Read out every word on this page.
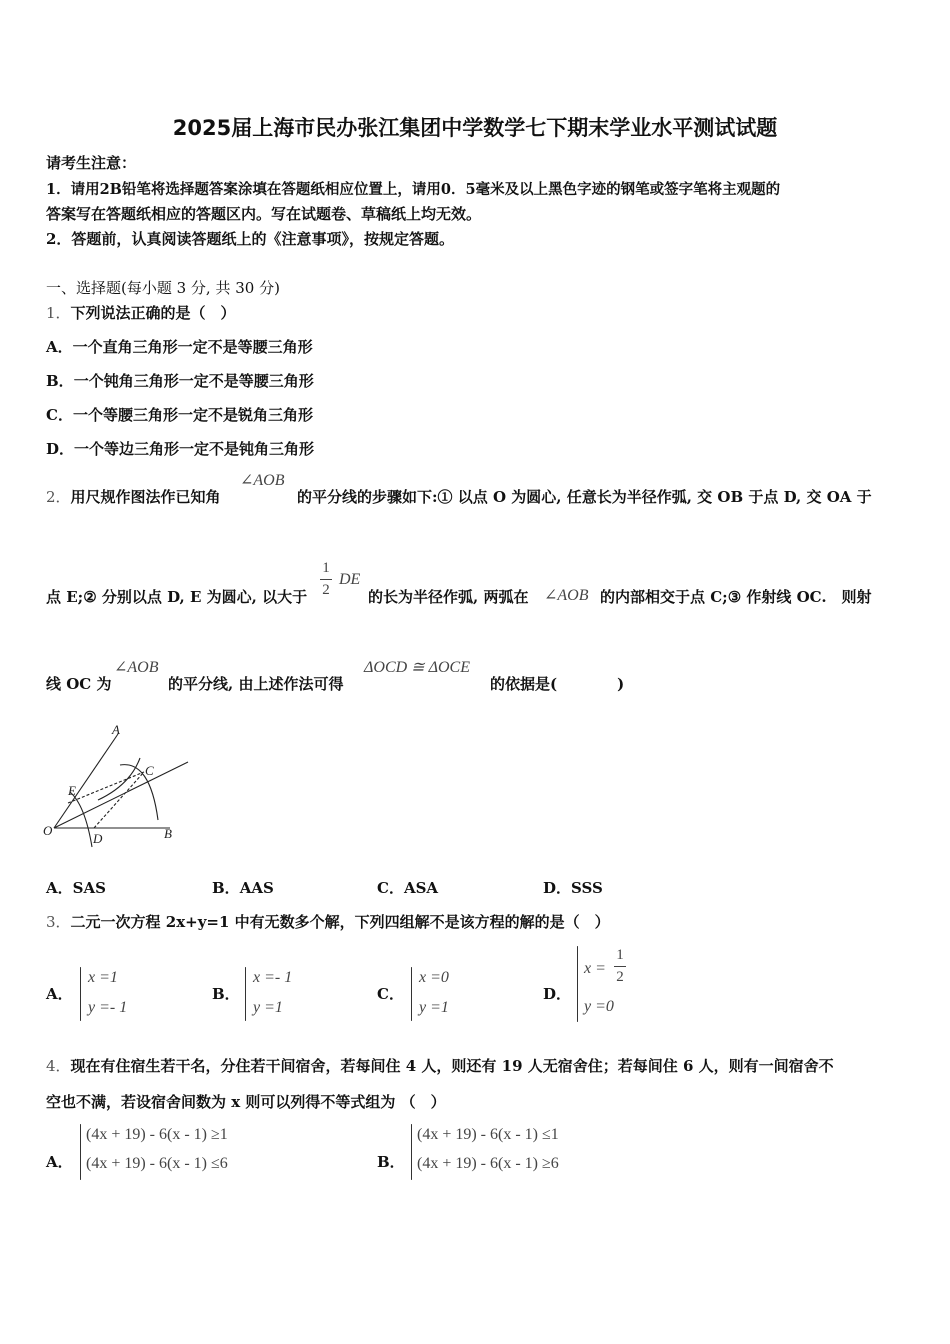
2025届上海市民办张江集团中学数学七下期末学业水平测试试题
请考生注意：
1．请用2B铅笔将选择题答案涂填在答题纸相应位置上，请用0．5毫米及以上黑色字迹的钢笔或签字笔将主观题的
答案写在答题纸相应的答题区内。写在试题卷、草稿纸上均无效。
2．答题前，认真阅读答题纸上的《注意事项》，按规定答题。
一、选择题(每小题 3 分, 共 30 分)
1．下列说法正确的是（　）
A．一个直角三角形一定不是等腰三角形
B．一个钝角三角形一定不是等腰三角形
C．一个等腰三角形一定不是锐角三角形
D．一个等边三角形一定不是钝角三角形
2．用尺规作图法作已知角
∠AOB
的平分线的步骤如下:① 以点 O 为圆心, 任意长为半径作弧, 交 OB 于点 D, 交 OA 于
点 E;② 分别以点 D, E 为圆心, 以大于
1
2
DE
的长为半径作弧, 两弧在 ∠AOB 的内部相交于点 C;③ 作射线 OC.　则射
线 OC 为
∠AOB
的平分线, 由上述作法可得
ΔOCD ≅ ΔOCE
的依据是(　　　　)
A
C
E
O
D	B
A．SAS	B．AAS	C．ASA	D．SSS
3．二元一次方程 2x+y=1 中有无数多个解，下列四组解不是该方程的解的是（　）
A．
x =1
y =- 1
B．
x =- 1
y =1
C．
x =0
y =1
D．
x =
1
2
y =0
4．现在有住宿生若干名，分住若干间宿舍，若每间住 4 人，则还有 19 人无宿舍住；若每间住 6 人，则有一间宿舍不
空也不满，若设宿舍间数为 x 则可以列得不等式组为 （　）
A．
(4x + 19) - 6(x - 1) ≥1
(4x + 19) - 6(x - 1) ≤6	B．
(4x + 19) - 6(x - 1) ≤1
(4x + 19) - 6(x - 1) ≥6
